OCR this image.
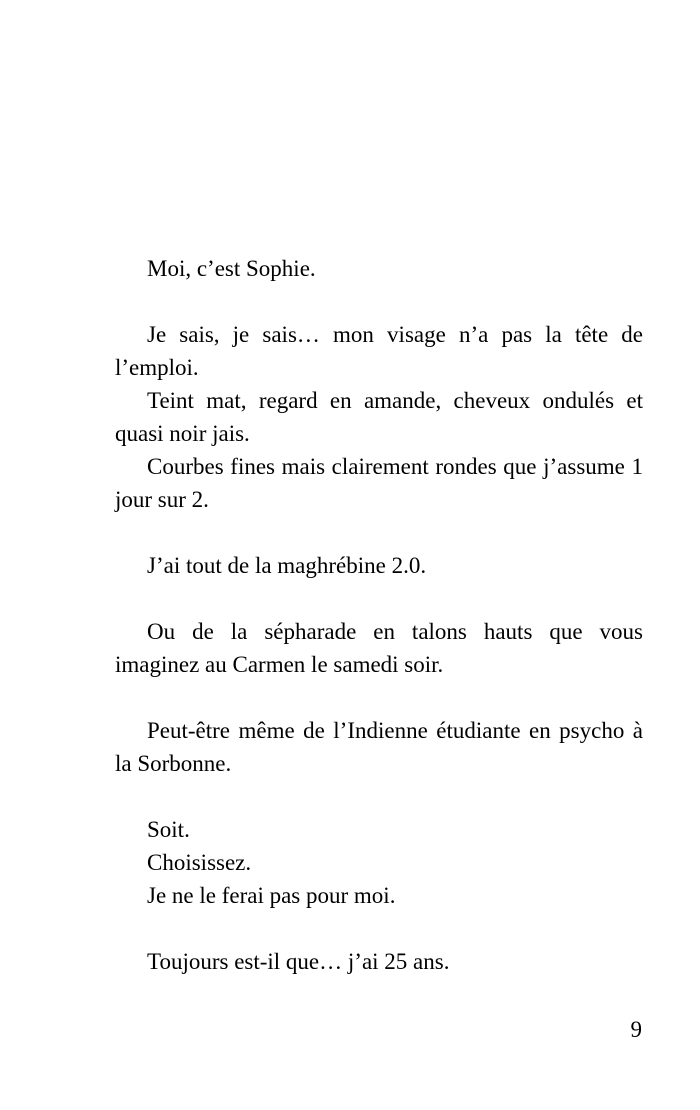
Moi, c’est Sophie.

Je sais, je sais… mon visage n’a pas la tête de l’emploi.

Teint mat, regard en amande, cheveux ondulés et quasi noir jais.

Courbes fines mais clairement rondes que j’assume 1 jour sur 2.

J’ai tout de la maghrébine 2.0.

Ou de la sépharade en talons hauts que vous imaginez au Carmen le samedi soir.

Peut-être même de l’Indienne étudiante en psycho à la Sorbonne.

Soit.

Choisissez.

Je ne le ferai pas pour moi.

Toujours est-il que… j’ai 25 ans.

9
